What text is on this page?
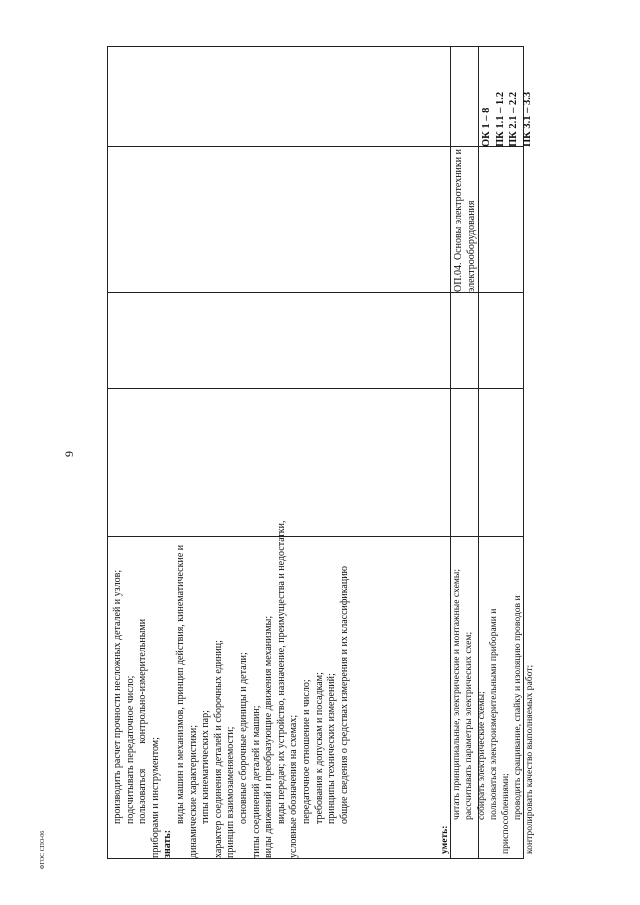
9
ФГОС СПО-06

производить расчет прочности несложных деталей и узлов; подсчитывать передаточное число; пользоваться          контрольно-измерительными

приборами и инструментом; знать:

виды машин и механизмов, принцип действия, кинематические и динамические характеристики; типы кинематических пар; характер соединения деталей и сборочных единиц; принцип взаимозаменяемости; основные сборочные единицы и детали; типы соединений деталей и машин; виды движений и преобразующие движения механизмы; виды передач; их устройство, назначение, преимущества и недостатки, условные обозначения на схемах; передаточное отношение и число; требования к допускам и посадкам; принципы технических измерений; общие сведения о средствах измерения и их классификацию

ОП.04. Основы электротехники и электрооборудования
ОК 1 – 8 ПК 1.1 – 1.2 ПК 2.1 – 2.2 ПК 3.1 – 3.3

уметь:

читать принципиальные, электрические и монтажные схемы; рассчитывать параметры электрических схем; собирать электрические схемы; пользоваться электроизмерительными приборами и приспособлениями; проводить сращивание, спайку и изоляцию проводов и контролировать качество выполняемых работ;
